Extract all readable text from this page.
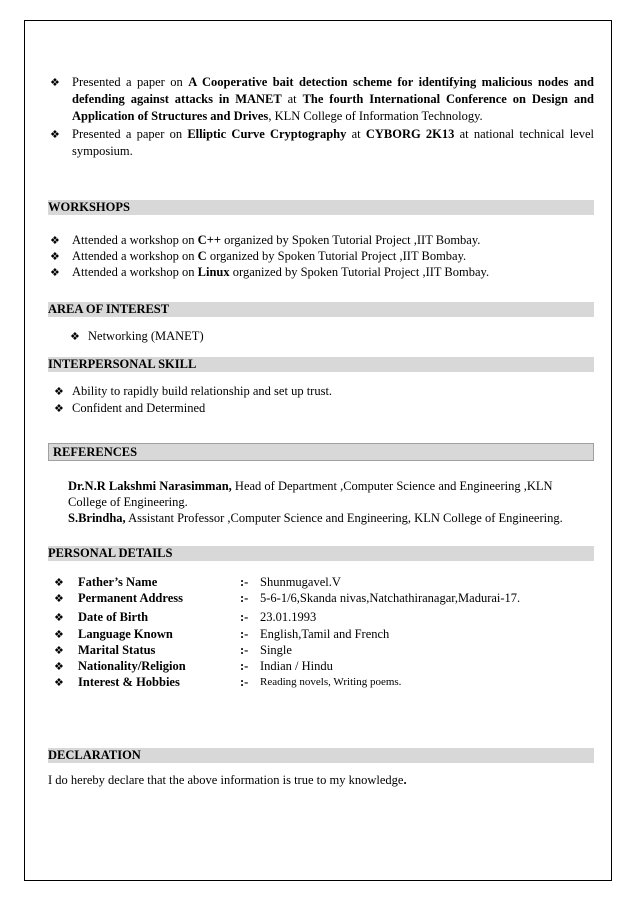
❖ Presented a paper on A Cooperative bait detection scheme for identifying malicious nodes and defending against attacks in MANET at The fourth International Conference on Design and Application of Structures and Drives, KLN College of Information Technology.
❖ Presented a paper on Elliptic Curve Cryptography at CYBORG 2K13 at national technical level symposium.
WORKSHOPS
❖ Attended a workshop on C++ organized by Spoken Tutorial Project ,IIT Bombay.
❖ Attended a workshop on C organized by Spoken Tutorial Project ,IIT Bombay.
❖ Attended a workshop on Linux organized by Spoken Tutorial Project ,IIT Bombay.
AREA OF INTEREST
❖ Networking (MANET)
INTERPERSONAL SKILL
❖ Ability to rapidly build relationship and set up trust.
❖ Confident and Determined
REFERENCES
Dr.N.R Lakshmi Narasimman, Head of Department ,Computer Science and Engineering ,KLN
College of Engineering.
S.Brindha, Assistant Professor ,Computer Science and Engineering, KLN College of Engineering.
PERSONAL DETAILS
❖ Father’s Name	:- Shunmugavel.V
❖ Permanent Address	:- 5-6-1/6,Skanda nivas,Natchathiranagar,Madurai-17.
❖ Date of Birth	:- 23.01.1993
❖ Language Known	:- English,Tamil and French
❖ Marital Status	:- Single
❖ Nationality/Religion	:- Indian / Hindu
❖ Interest & Hobbies	:- Reading novels, Writing poems.
DECLARATION
I do hereby declare that the above information is true to my knowledge.
